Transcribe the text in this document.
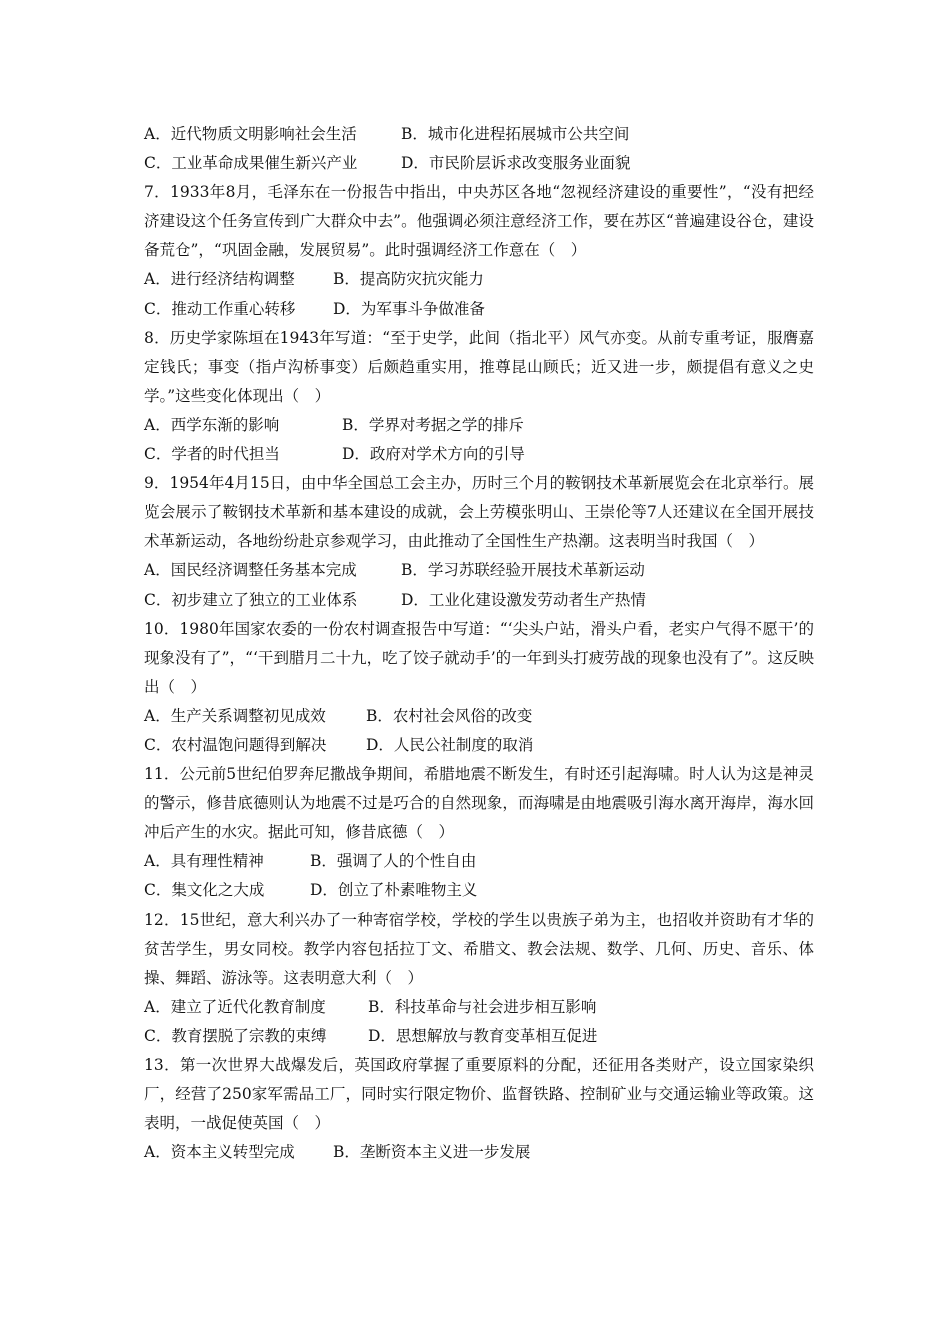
A．近代物质文明影响社会生活	B．城市化进程拓展城市公共空间
C．工业革命成果催生新兴产业	D．市民阶层诉求改变服务业面貌
7．1933年8月，毛泽东在一份报告中指出，中央苏区各地“忽视经济建设的重要性”，“没有把经济建设这个任务宣传到广大群众中去”。他强调必须注意经济工作，要在苏区“普遍建设谷仓，建设备荒仓”，“巩固金融，发展贸易”。此时强调经济工作意在（　）
A．进行经济结构调整	B．提高防灾抗灾能力
C．推动工作重心转移	D．为军事斗争做准备
8．历史学家陈垣在1943年写道：“至于史学，此间（指北平）风气亦变。从前专重考证，服膺嘉定钱氏；事变（指卢沟桥事变）后颇趋重实用，推尊昆山顾氏；近又进一步，颇提倡有意义之史学。”这些变化体现出（　）
A．西学东渐的影响	B．学界对考据之学的排斥
C．学者的时代担当	D．政府对学术方向的引导
9．1954年4月15日，由中华全国总工会主办，历时三个月的鞍钢技术革新展览会在北京举行。展览会展示了鞍钢技术革新和基本建设的成就，会上劳模张明山、王崇伦等7人还建议在全国开展技术革新运动，各地纷纷赴京参观学习，由此推动了全国性生产热潮。这表明当时我国（　）
A．国民经济调整任务基本完成	B．学习苏联经验开展技术革新运动
C．初步建立了独立的工业体系	D．工业化建设激发劳动者生产热情
10．1980年国家农委的一份农村调查报告中写道：“‘尖头户站，滑头户看，老实户气得不愿干’的现象没有了”，“‘干到腊月二十九，吃了饺子就动手’的一年到头打疲劳战的现象也没有了”。这反映出（　）
A．生产关系调整初见成效	B．农村社会风俗的改变
C．农村温饱问题得到解决	D．人民公社制度的取消
11．公元前5世纪伯罗奔尼撒战争期间，希腊地震不断发生，有时还引起海啸。时人认为这是神灵的警示，修昔底德则认为地震不过是巧合的自然现象，而海啸是由地震吸引海水离开海岸，海水回冲后产生的水灾。据此可知，修昔底德（　）
A．具有理性精神	B．强调了人的个性自由
C．集文化之大成	D．创立了朴素唯物主义
12．15世纪，意大利兴办了一种寄宿学校，学校的学生以贵族子弟为主，也招收并资助有才华的贫苦学生，男女同校。教学内容包括拉丁文、希腊文、教会法规、数学、几何、历史、音乐、体操、舞蹈、游泳等。这表明意大利（　）
A．建立了近代化教育制度	B．科技革命与社会进步相互影响
C．教育摆脱了宗教的束缚	D．思想解放与教育变革相互促进
13．第一次世界大战爆发后，英国政府掌握了重要原料的分配，还征用各类财产，设立国家染织厂，经营了250家军需品工厂，同时实行限定物价、监督铁路、控制矿业与交通运输业等政策。这表明，一战促使英国（　）
A．资本主义转型完成	B．垄断资本主义进一步发展
